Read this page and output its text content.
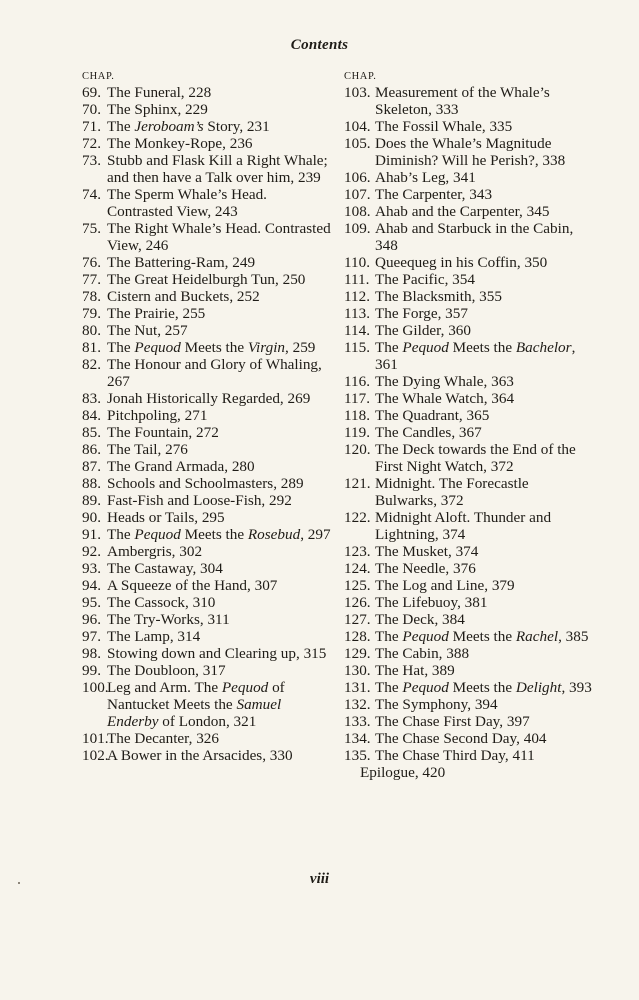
Contents
CHAP.
69. The Funeral, 228
70. The Sphinx, 229
71. The Jeroboam’s Story, 231
72. The Monkey-Rope, 236
73. Stubb and Flask Kill a Right Whale; and then have a Talk over him, 239
74. The Sperm Whale’s Head. Contrasted View, 243
75. The Right Whale’s Head. Contrasted View, 246
76. The Battering-Ram, 249
77. The Great Heidelburgh Tun, 250
78. Cistern and Buckets, 252
79. The Prairie, 255
80. The Nut, 257
81. The Pequod Meets the Virgin, 259
82. The Honour and Glory of Whaling, 267
83. Jonah Historically Regarded, 269
84. Pitchpoling, 271
85. The Fountain, 272
86. The Tail, 276
87. The Grand Armada, 280
88. Schools and Schoolmasters, 289
89. Fast-Fish and Loose-Fish, 292
90. Heads or Tails, 295
91. The Pequod Meets the Rosebud, 297
92. Ambergris, 302
93. The Castaway, 304
94. A Squeeze of the Hand, 307
95. The Cassock, 310
96. The Try-Works, 311
97. The Lamp, 314
98. Stowing down and Clearing up, 315
99. The Doubloon, 317
100.
Leg and Arm. The Pequod of Nantucket Meets the Samuel Enderby of London, 321
101.
The Decanter, 326
102.
A Bower in the Arsacides, 330
CHAP.
103. Measurement of the Whale’s Skeleton, 333
104. The Fossil Whale, 335
105. Does the Whale’s Magnitude Diminish? Will he Perish?, 338
106. Ahab’s Leg, 341
107. The Carpenter, 343
108. Ahab and the Carpenter, 345
109. Ahab and Starbuck in the Cabin, 348
110. Queequeg in his Coffin, 350
111. The Pacific, 354
112. The Blacksmith, 355
113. The Forge, 357
114. The Gilder, 360
115. The Pequod Meets the Bachelor, 361
116. The Dying Whale, 363
117. The Whale Watch, 364
118. The Quadrant, 365
119. The Candles, 367
120. The Deck towards the End of the First Night Watch, 372
121. Midnight. The Forecastle Bulwarks, 372
122. Midnight Aloft. Thunder and Lightning, 374
123. The Musket, 374
124. The Needle, 376
125. The Log and Line, 379
126. The Lifebuoy, 381
127. The Deck, 384
128. The Pequod Meets the Rachel, 385
129. The Cabin, 388
130. The Hat, 389
131. The Pequod Meets the Delight, 393
132. The Symphony, 394
133. The Chase First Day, 397
134. The Chase Second Day, 404
135. The Chase Third Day, 411
Epilogue, 420
viii
